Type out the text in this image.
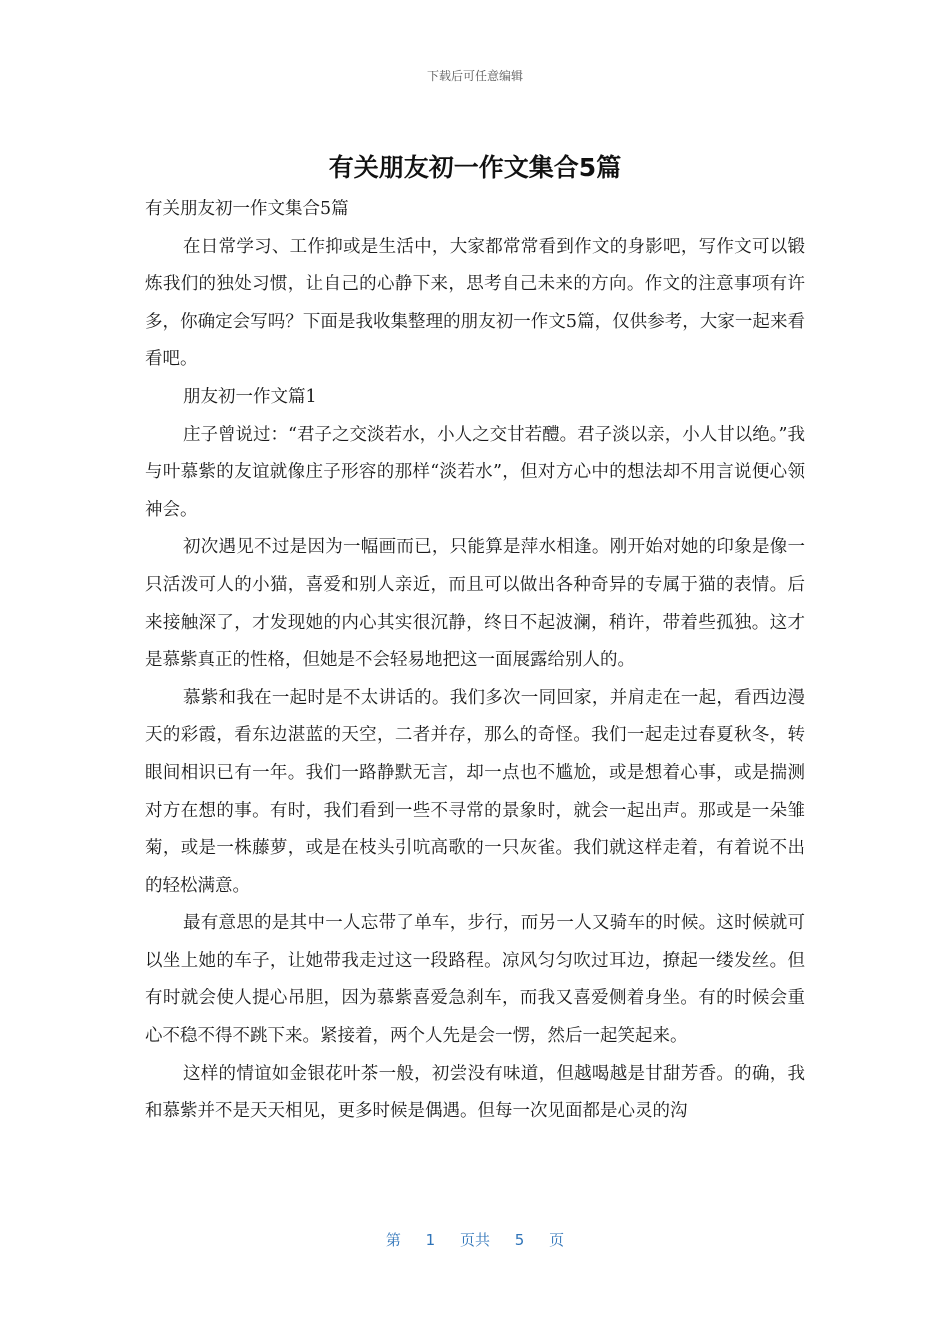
下载后可任意编辑
有关朋友初一作文集合5篇

有关朋友初一作文集合5篇

在日常学习、工作抑或是生活中，大家都常常看到作文的身影吧，写作文可以锻炼我们的独处习惯，让自己的心静下来，思考自己未来的方向。作文的注意事项有许多，你确定会写吗？下面是我收集整理的朋友初一作文5篇，仅供参考，大家一起来看看吧。

朋友初一作文篇1

庄子曾说过：“君子之交淡若水，小人之交甘若醴。君子淡以亲，小人甘以绝。”我与叶慕紫的友谊就像庄子形容的那样“淡若水”，但对方心中的想法却不用言说便心领神会。

初次遇见不过是因为一幅画而已，只能算是萍水相逢。刚开始对她的印象是像一只活泼可人的小猫，喜爱和别人亲近，而且可以做出各种奇异的专属于猫的表情。后来接触深了，才发现她的内心其实很沉静，终日不起波澜，稍许，带着些孤独。这才是慕紫真正的性格，但她是不会轻易地把这一面展露给别人的。

慕紫和我在一起时是不太讲话的。我们多次一同回家，并肩走在一起，看西边漫天的彩霞，看东边湛蓝的天空，二者并存，那么的奇怪。我们一起走过春夏秋冬，转眼间相识已有一年。我们一路静默无言，却一点也不尴尬，或是想着心事，或是揣测对方在想的事。有时，我们看到一些不寻常的景象时，就会一起出声。那或是一朵雏菊，或是一株藤萝，或是在枝头引吭高歌的一只灰雀。我们就这样走着，有着说不出的轻松满意。

最有意思的是其中一人忘带了单车，步行，而另一人又骑车的时候。这时候就可以坐上她的车子，让她带我走过这一段路程。凉风匀匀吹过耳边，撩起一缕发丝。但有时就会使人提心吊胆，因为慕紫喜爱急刹车，而我又喜爱侧着身坐。有的时候会重心不稳不得不跳下来。紧接着，两个人先是会一愣，然后一起笑起来。

这样的情谊如金银花叶茶一般，初尝没有味道，但越喝越是甘甜芳香。的确，我和慕紫并不是天天相见，更多时候是偶遇。但每一次见面都是心灵的沟

第 1 页共 5 页
